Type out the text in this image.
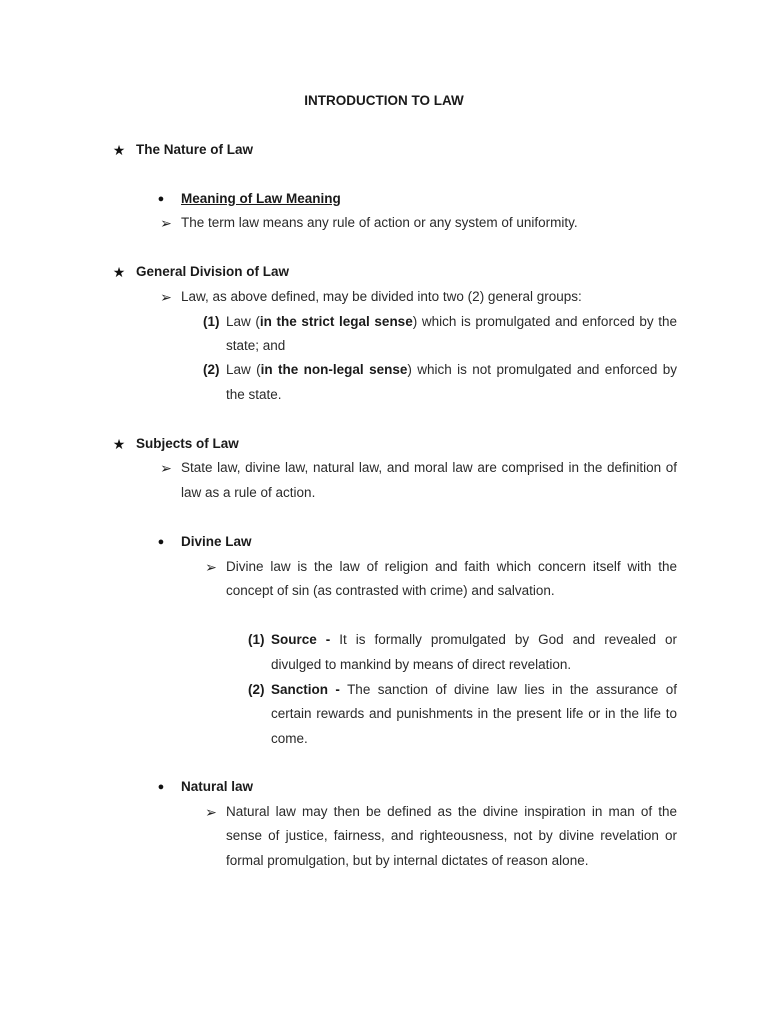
INTRODUCTION TO LAW
★ The Nature of Law
● Meaning of Law Meaning
➢ The term law means any rule of action or any system of uniformity.
★ General Division of Law
➢ Law, as above defined, may be divided into two (2) general groups:
(1) Law (in the strict legal sense) which is promulgated and enforced by the
state; and
(2) Law (in the non-legal sense) which is not promulgated and enforced by
the state.
★ Subjects of Law
➢ State law, divine law, natural law, and moral law are comprised in the definition of
law as a rule of action.
● Divine Law
➢ Divine law is the law of religion and faith which concern itself with the
concept of sin (as contrasted with crime) and salvation.
(1) Source - It is formally promulgated by God and revealed or
divulged to mankind by means of direct revelation.
(2) Sanction - The sanction of divine law lies in the assurance of
certain rewards and punishments in the present life or in the life to
come.
● Natural law
➢ Natural law may then be defined as the divine inspiration in man of the
sense of justice, fairness, and righteousness, not by divine revelation or
formal promulgation, but by internal dictates of reason alone.
